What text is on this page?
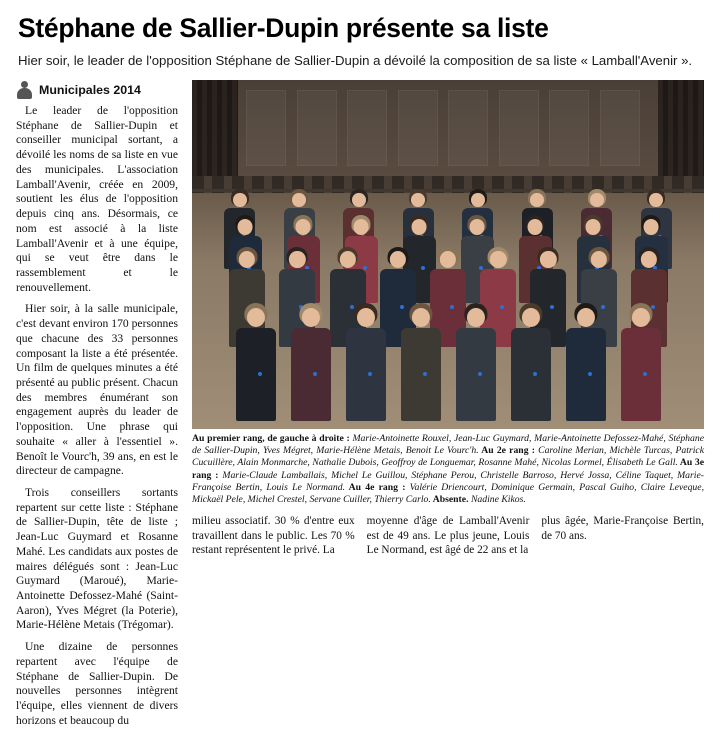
Stéphane de Sallier-Dupin présente sa liste

Hier soir, le leader de l'opposition Stéphane de Sallier-Dupin a dévoilé la composition de sa liste « Lamball'Avenir ».

Municipales 2014

Le leader de l'opposition Stéphane de Sallier-Dupin et conseiller municipal sortant, a dévoilé les noms de sa liste en vue des municipales. L'association Lamball'Avenir, créée en 2009, soutient les élus de l'opposition depuis cinq ans. Désormais, ce nom est associé à la liste Lamball'Avenir et à une équipe, qui se veut être dans le rassemblement et le renouvellement.

Hier soir, à la salle municipale, c'est devant environ 170 personnes que chacune des 33 personnes composant la liste a été présentée. Un film de quelques minutes a été présenté au public présent. Chacun des membres énumérant son engagement auprès du leader de l'opposition. Une phrase qui souhaite « aller à l'essentiel ». Benoît le Vourc'h, 39 ans, en est le directeur de campagne.

Trois conseillers sortants repartent sur cette liste : Stéphane de Sallier-Dupin, tête de liste ; Jean-Luc Guymard et Rosanne Mahé. Les candidats aux postes de maires délégués sont : Jean-Luc Guymard (Maroué), Marie-Antoinette Defossez-Mahé (Saint-Aaron), Yves Mégret (la Poterie), Marie-Hélène Metais (Trégomar).

Une dizaine de personnes repartent avec l'équipe de Stéphane de Sallier-Dupin. De nouvelles personnes intègrent l'équipe, elles viennent de divers horizons et beaucoup du

Au premier rang, de gauche à droite : Marie-Antoinette Rouxel, Jean-Luc Guymard, Marie-Antoinette Defossez-Mahé, Stéphane de Sallier-Dupin, Yves Mégret, Marie-Hélène Metais, Benoit Le Vourc'h. Au 2e rang : Caroline Merian, Michèle Turcas, Patrick Cucuillère, Alain Monmarche, Nathalie Dubois, Geoffroy de Longuemar, Rosanne Mahé, Nicolas Lormel, Élisabeth Le Gall. Au 3e rang : Marie-Claude Lamballais, Michel Le Guillou, Stéphane Perou, Christelle Barroso, Hervé Jossa, Céline Taquet, Marie-Françoise Bertin, Louis Le Normand. Au 4e rang : Valérie Driencourt, Dominique Germain, Pascal Guiho, Claire Leveque, Mickaël Pele, Michel Crestel, Servane Cuiller, Thierry Carlo. Absente. Nadine Kikos.

milieu associatif. 30 % d'entre eux travaillent dans le public. Les 70 % restant représentent le privé. La

moyenne d'âge de Lamball'Avenir est de 49 ans. Le plus jeune, Louis Le Normand, est âgé de 22 ans et la

plus âgée, Marie-Françoise Bertin, de 70 ans.
